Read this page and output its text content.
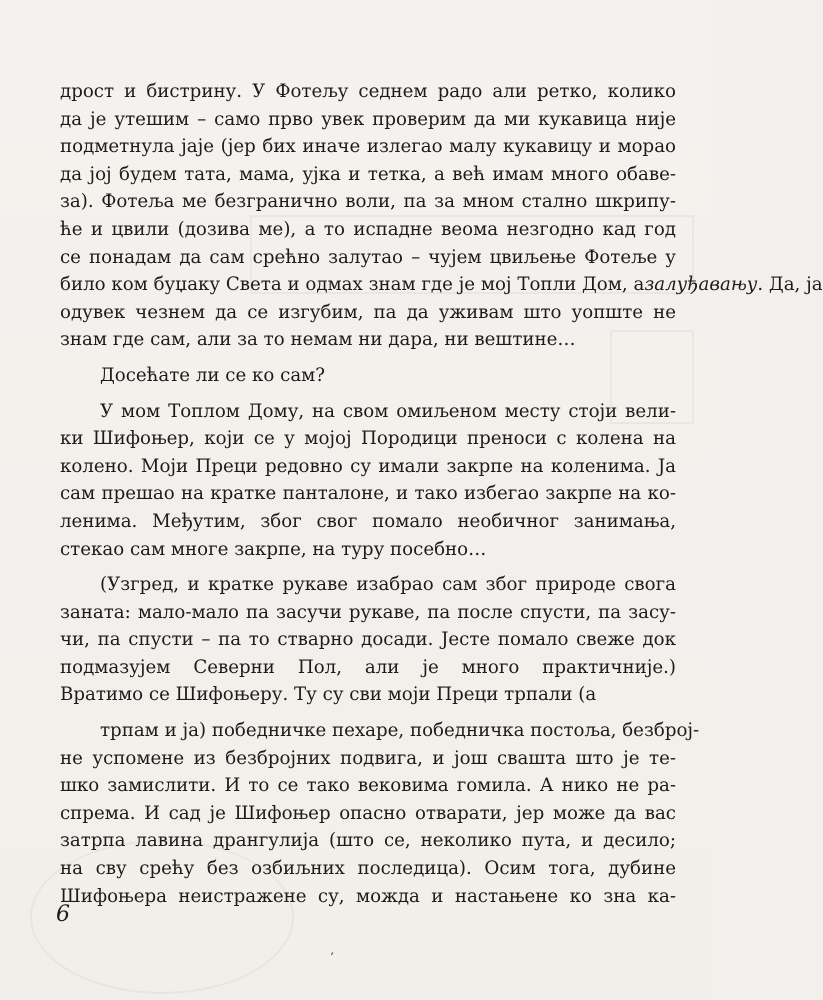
дрост и бистрину. У Фотељу седнем радо али ретко, колико
да је утешим – само прво увек проверим да ми кукавица није
подметнула јаје (јер бих иначе излегао малу кукавицу и морао
да јој будем тата, мама, ујка и тетка, а већ имам много обаве-
за). Фотеља ме безгранично воли, па за мном стално шкрипу-
ће и цвили (дозива ме), а то испадне веома незгодно кад год
се понадам да сам срећно залутао – чујем цвиљење Фотеље у
било ком буџаку Света и одмах знам где је мој Топли Дом, азалуђавању. Да, ја
одувек чезнем да се изгубим, па да уживам што уопште не
знам где сам, али за то немам ни дара, ни вештине…
Досећате ли се ко сам?
У мом Топлом Дому, на свом омиљеном месту стоји вели-
ки Шифоњер, који се у мојој Породици преноси с колена на
колено. Моји Преци редовно су имали закрпе на коленима. Ја
сам прешао на кратке панталоне, и тако избегао закрпе на ко-
ленима. Међутим, због свог помало необичног занимања,
стекао сам многе закрпе, на туру посебно…
(Узгред, и кратке рукаве изабрао сам због природе свога
заната: мало-мало па засучи рукаве, па после спусти, па засу-
чи, па спусти – па то стварно досади. Јесте помало свеже док
подмазујем Северни Пол, али је много практичније.)
Вратимо се Шифоњеру. Ту су сви моји Преци трпали (а
трпам и ја) победничке пехаре, победничка постоља, безброј-
не успомене из безбројних подвига, и још свашта што је те-
шко замислити. И то се тако вековима гомила. А нико не ра-
спрема. И сад је Шифоњер опасно отварати, јер може да вас
затрпа лавина дрангулија (што се, неколико пута, и десило;
на сву срећу без озбиљних последица). Осим тога, дубине
Шифоњера неистражене су, можда и настањене ко зна ка-
6
‘
